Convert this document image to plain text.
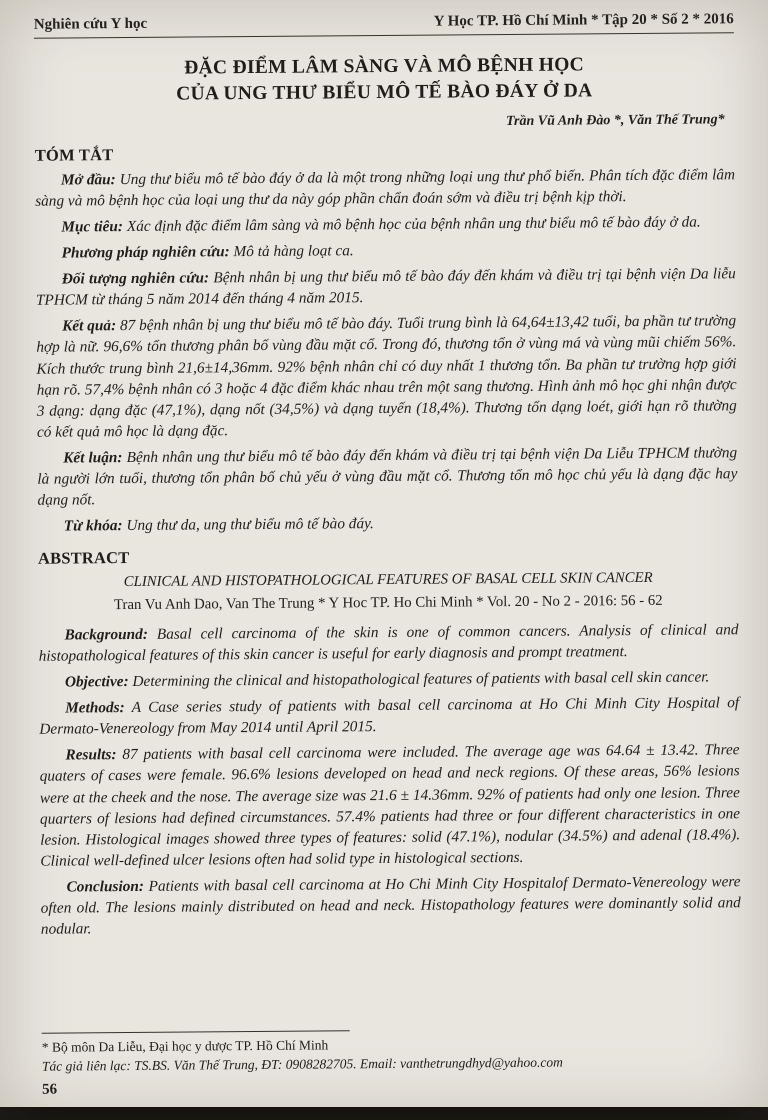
Nghiên cứu Y học	Y Học TP. Hồ Chí Minh * Tập 20 * Số 2 * 2016
ĐẶC ĐIỂM LÂM SÀNG VÀ MÔ BỆNH HỌC
CỦA UNG THƯ BIỂU MÔ TẾ BÀO ĐÁY Ở DA
Trần Vũ Anh Đào *, Văn Thế Trung*
TÓM TẮT

Mở đầu: Ung thư biểu mô tế bào đáy ở da là một trong những loại ung thư phổ biến. Phân tích đặc điểm lâm sàng và mô bệnh học của loại ung thư da này góp phần chẩn đoán sớm và điều trị bệnh kịp thời.

Mục tiêu: Xác định đặc điểm lâm sàng và mô bệnh học của bệnh nhân ung thư biểu mô tế bào đáy ở da.

Phương pháp nghiên cứu: Mô tả hàng loạt ca.

Đối tượng nghiên cứu: Bệnh nhân bị ung thư biểu mô tế bào đáy đến khám và điều trị tại bệnh viện Da liễu TPHCM từ tháng 5 năm 2014 đến tháng 4 năm 2015.

Kết quả: 87 bệnh nhân bị ung thư biểu mô tế bào đáy. Tuổi trung bình là 64,64±13,42 tuổi, ba phần tư trường hợp là nữ. 96,6% tổn thương phân bố vùng đầu mặt cổ. Trong đó, thương tổn ở vùng má và vùng mũi chiếm 56%. Kích thước trung bình 21,6±14,36mm. 92% bệnh nhân chỉ có duy nhất 1 thương tổn. Ba phần tư trường hợp giới hạn rõ. 57,4% bệnh nhân có 3 hoặc 4 đặc điểm khác nhau trên một sang thương. Hình ảnh mô học ghi nhận được 3 dạng: dạng đặc (47,1%), dạng nốt (34,5%) và dạng tuyến (18,4%). Thương tổn dạng loét, giới hạn rõ thường có kết quả mô học là dạng đặc.

Kết luận: Bệnh nhân ung thư biểu mô tế bào đáy đến khám và điều trị tại bệnh viện Da Liễu TPHCM thường là người lớn tuổi, thương tổn phân bố chủ yếu ở vùng đầu mặt cổ. Thương tổn mô học chủ yếu là dạng đặc hay dạng nốt.

Từ khóa: Ung thư da, ung thư biểu mô tế bào đáy.

ABSTRACT
CLINICAL AND HISTOPATHOLOGICAL FEATURES OF BASAL CELL SKIN CANCER
Tran Vu Anh Dao, Van The Trung * Y Hoc TP. Ho Chi Minh * Vol. 20 - No 2 - 2016: 56 - 62

Background: Basal cell carcinoma of the skin is one of common cancers. Analysis of clinical and histopathological features of this skin cancer is useful for early diagnosis and prompt treatment.

Objective: Determining the clinical and histopathological features of patients with basal cell skin cancer.

Methods: A Case series study of patients with basal cell carcinoma at Ho Chi Minh City Hospital of Dermato-Venereology from May 2014 until April 2015.

Results: 87 patients with basal cell carcinoma were included. The average age was 64.64 ± 13.42. Three quaters of cases were female. 96.6% lesions developed on head and neck regions. Of these areas, 56% lesions were at the cheek and the nose. The average size was 21.6 ± 14.36mm. 92% of patients had only one lesion. Three quarters of lesions had defined circumstances. 57.4% patients had three or four different characteristics in one lesion. Histological images showed three types of features: solid (47.1%), nodular (34.5%) and adenal (18.4%). Clinical well-defined ulcer lesions often had solid type in histological sections.

Conclusion: Patients with basal cell carcinoma at Ho Chi Minh City Hospitalof Dermato-Venereology were often old. The lesions mainly distributed on head and neck. Histopathology features were dominantly solid and nodular.

* Bộ môn Da Liễu, Đại học y dược TP. Hồ Chí Minh
Tác giả liên lạc: TS.BS. Văn Thế Trung, ĐT: 0908282705. Email: vanthetrungdhyd@yahoo.com
56
